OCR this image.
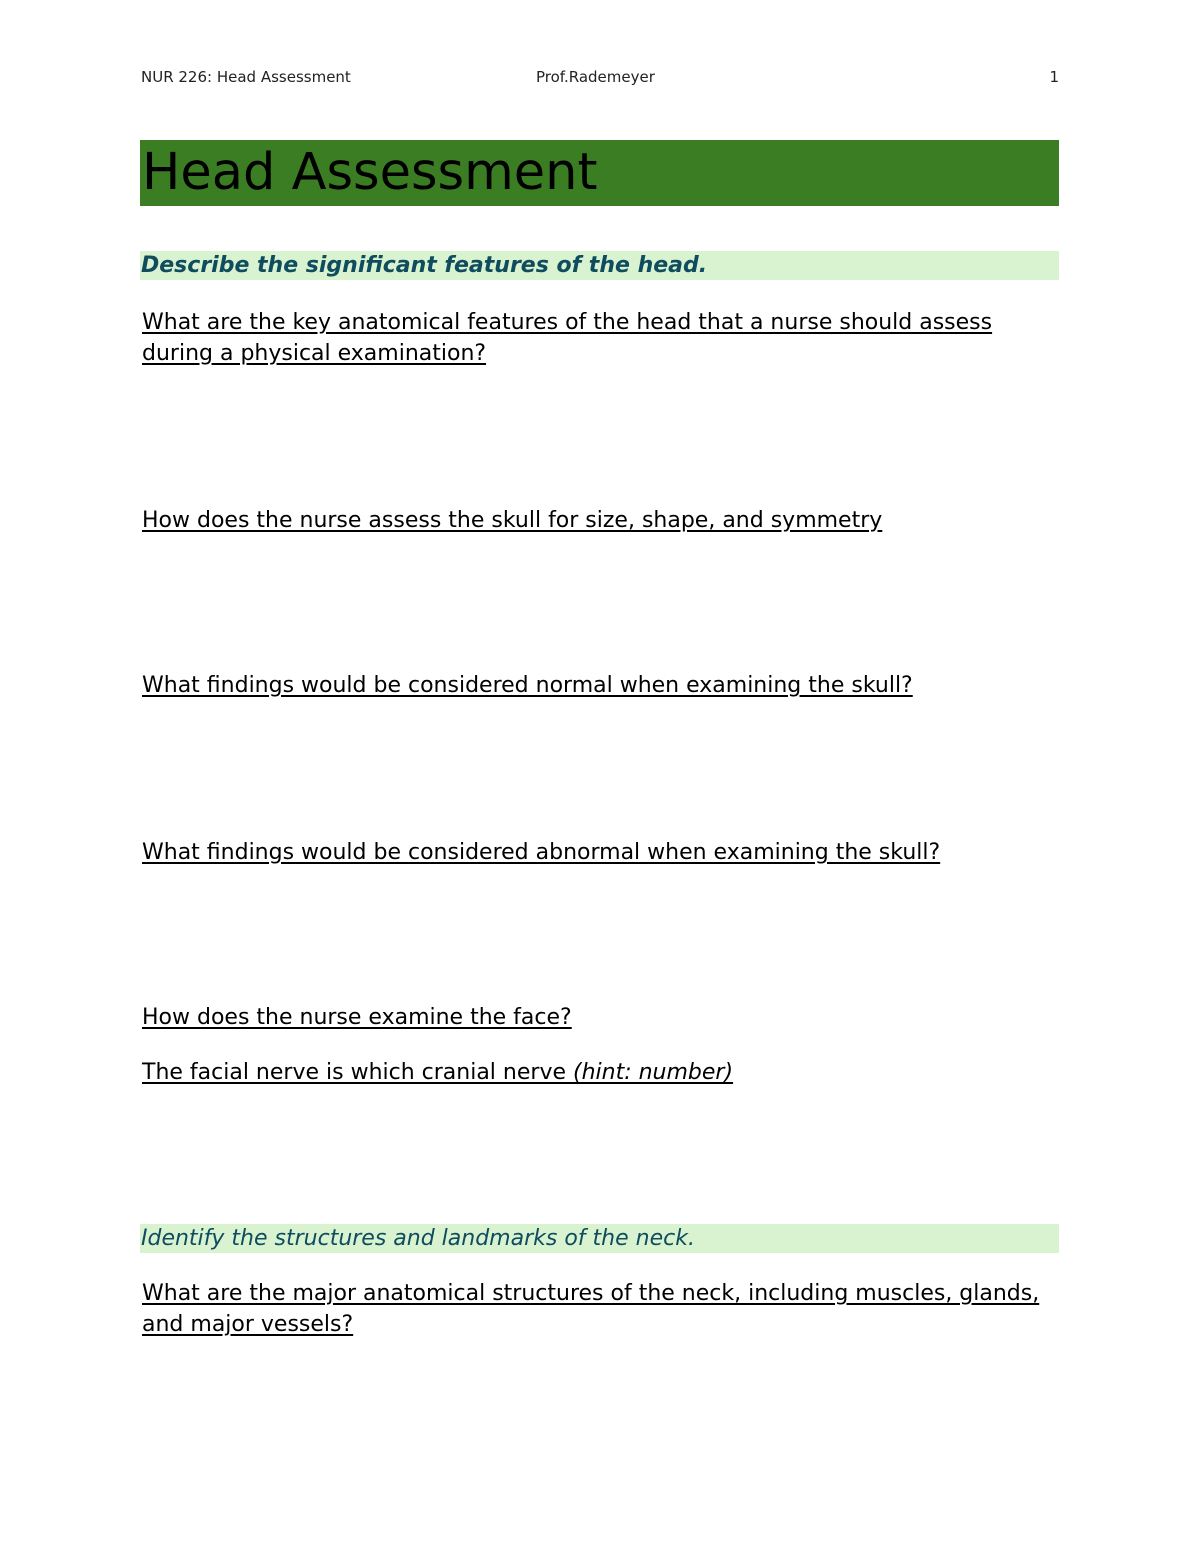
NUR 226: Head Assessment	Prof.Rademeyer	1
Head Assessment
Describe the significant features of the head.
What are the key anatomical features of the head that a nurse should assess during a physical examination?
How does the nurse assess the skull for size, shape, and symmetry
What findings would be considered normal when examining the skull?
What findings would be considered abnormal when examining the skull?
How does the nurse examine the face?
The facial nerve is which cranial nerve (hint: number)
Identify the structures and landmarks of the neck.
What are the major anatomical structures of the neck, including muscles, glands, and major vessels?
